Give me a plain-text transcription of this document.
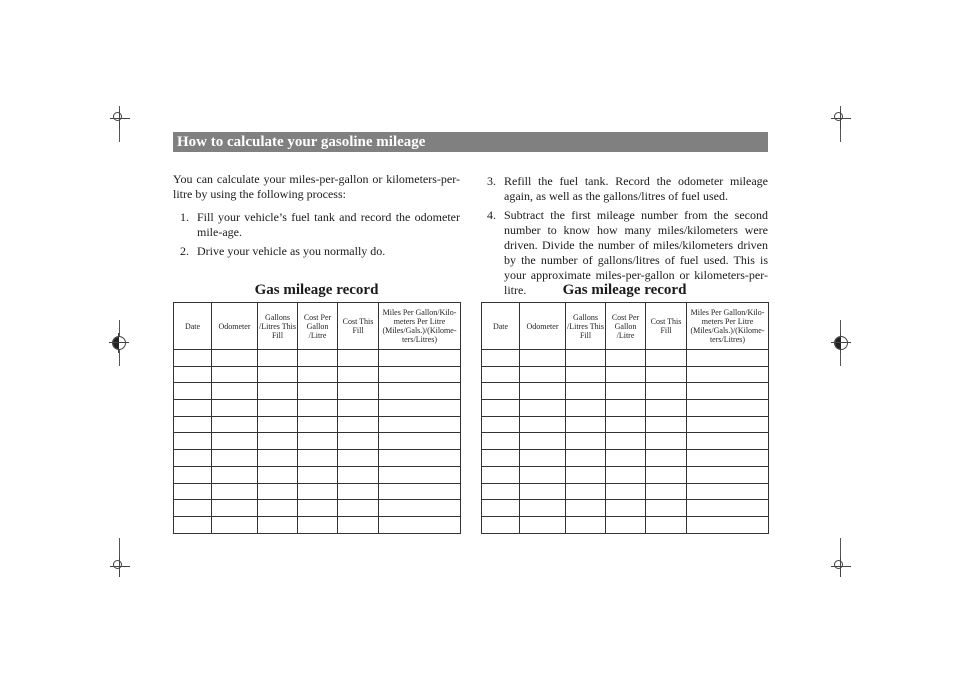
How to calculate your gasoline mileage
You can calculate your miles-per-gallon or kilometers-per-litre by using the following process:
1. Fill your vehicle’s fuel tank and record the odometer mile-age.
2. Drive your vehicle as you normally do.
3. Refill the fuel tank. Record the odometer mileage again, as well as the gallons/litres of fuel used.
4. Subtract the first mileage number from the second number to know how many miles/kilometers were driven. Divide the number of miles/kilometers driven by the number of gallons/litres of fuel used. This is your approximate miles-per-gallon or kilometers-per-litre.
Gas mileage record	Gas mileage record
Date	Odometer	Gallons /Litres This Fill	Cost Per Gallon /Litre	Cost This Fill	Miles Per Gallon/Kilo-meters Per Litre (Miles/Gals.)/(Kilome-ters/Litres)

Date	Odometer	Gallons /Litres This Fill	Cost Per Gallon /Litre	Cost This Fill	Miles Per Gallon/Kilo-meters Per Litre (Miles/Gals.)/(Kilome-ters/Litres)
